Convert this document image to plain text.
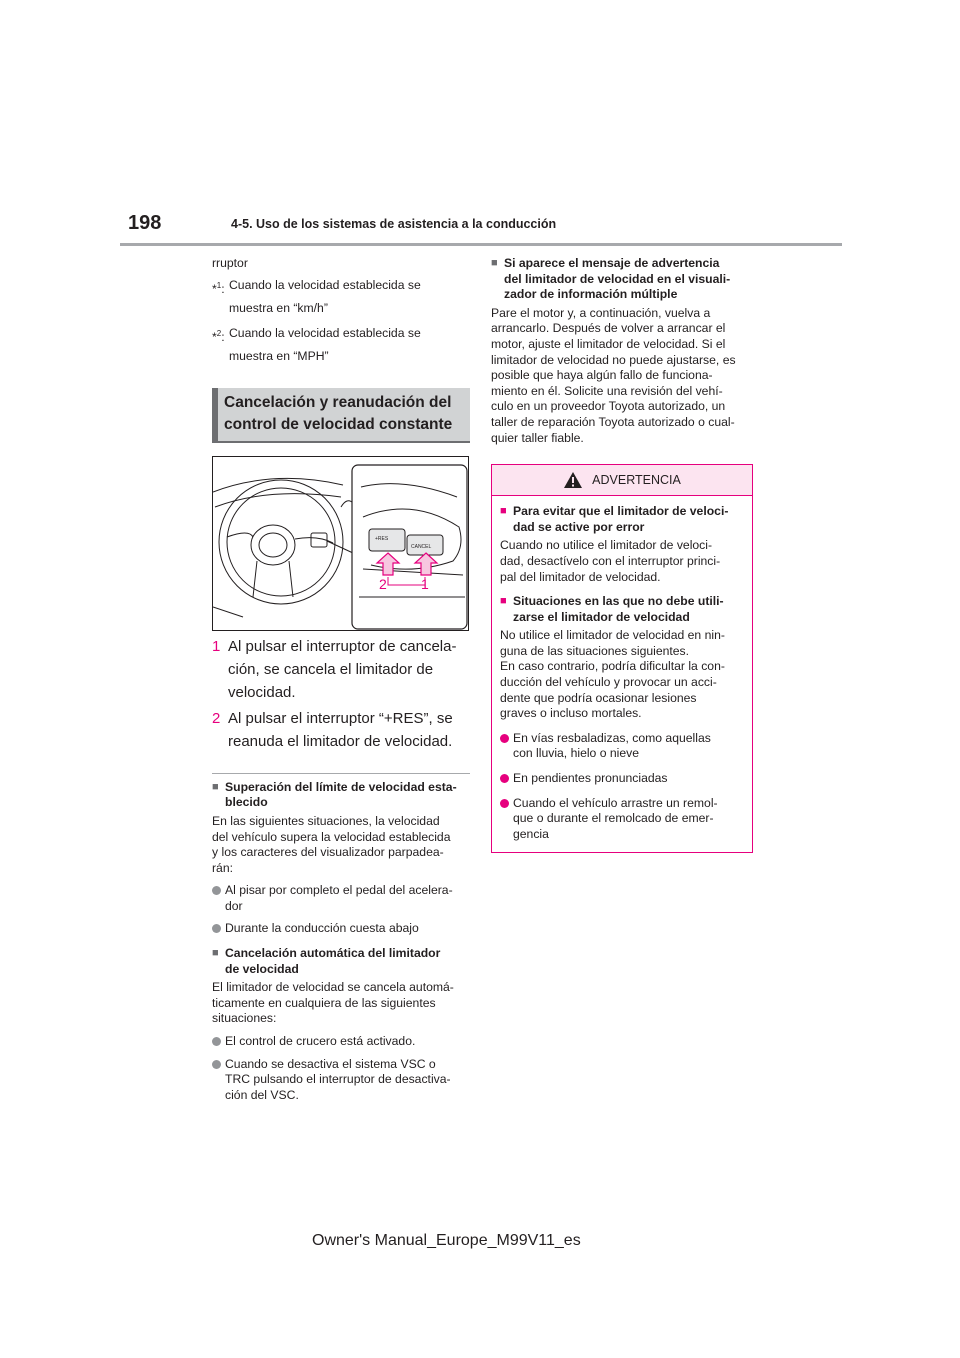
198	4-5. Uso de los sistemas de asistencia a la conducción

rruptor

*$^1$: Cuando la velocidad establecida se
muestra en “km/h”
*$^2$: Cuando la velocidad establecida se
muestra en “MPH”
Cancelación y reanudación del
control de velocidad constante
+RES
CANCEL
2 1
1 Al pulsar el interruptor de cancela-
ción, se cancela el limitador de
velocidad.
2 Al pulsar el interruptor “+RES”, se
reanuda el limitador de velocidad.
■ Superación del límite de velocidad esta-
blecido
En las siguientes situaciones, la velocidad
del vehículo supera la velocidad establecida
y los caracteres del visualizador parpadea-
rán:
Al pisar por completo el pedal del acelera-
dor
Durante la conducción cuesta abajo
■ Cancelación automática del limitador
de velocidad
El limitador de velocidad se cancela automá-
ticamente en cualquiera de las siguientes
situaciones:
El control de crucero está activado.
Cuando se desactiva el sistema VSC o
TRC pulsando el interruptor de desactiva-
ción del VSC.
■ Si aparece el mensaje de advertencia
del limitador de velocidad en el visuali-
zador de información múltiple
Pare el motor y, a continuación, vuelva a
arrancarlo. Después de volver a arrancar el
motor, ajuste el limitador de velocidad. Si el
limitador de velocidad no puede ajustarse, es
posible que haya algún fallo de funciona-
miento en él. Solicite una revisión del vehí-
culo en un proveedor Toyota autorizado, un
taller de reparación Toyota autorizado o cual-
quier taller fiable.
ADVERTENCIA
■ Para evitar que el limitador de veloci-
dad se active por error
Cuando no utilice el limitador de veloci-
dad, desactívelo con el interruptor princi-
pal del limitador de velocidad.
■ Situaciones en las que no debe utili-
zarse el limitador de velocidad
No utilice el limitador de velocidad en nin-
guna de las situaciones siguientes.
En caso contrario, podría dificultar la con-
ducción del vehículo y provocar un acci-
dente que podría ocasionar lesiones
graves o incluso mortales.
En vías resbaladizas, como aquellas
con lluvia, hielo o nieve
En pendientes pronunciadas
Cuando el vehículo arrastre un remol-
que o durante el remolcado de emer-
gencia
Owner's Manual_Europe_M99V11_es
